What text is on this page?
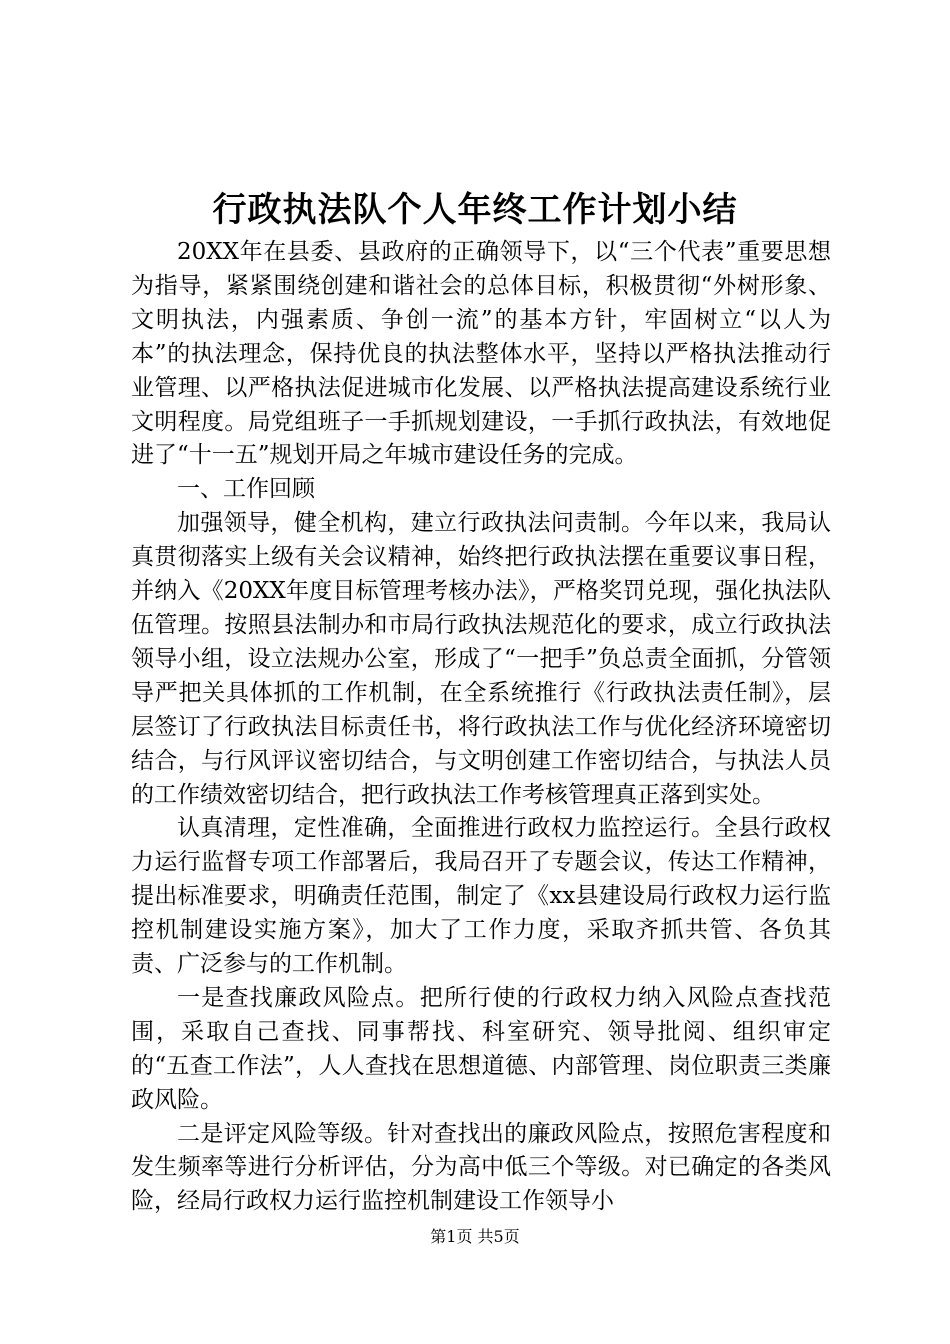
行政执法队个人年终工作计划小结

20XX年在县委、县政府的正确领导下，以“三个代表”重要思想为指导，紧紧围绕创建和谐社会的总体目标，积极贯彻“外树形象、文明执法，内强素质、争创一流”的基本方针，牢固树立“以人为本”的执法理念，保持优良的执法整体水平，坚持以严格执法推动行业管理、以严格执法促进城市化发展、以严格执法提高建设系统行业文明程度。局党组班子一手抓规划建设，一手抓行政执法，有效地促进了“十一五”规划开局之年城市建设任务的完成。

一、工作回顾

加强领导，健全机构，建立行政执法问责制。今年以来，我局认真贯彻落实上级有关会议精神，始终把行政执法摆在重要议事日程，并纳入《20XX年度目标管理考核办法》，严格奖罚兑现，强化执法队伍管理。按照县法制办和市局行政执法规范化的要求，成立行政执法领导小组，设立法规办公室，形成了“一把手”负总责全面抓，分管领导严把关具体抓的工作机制，在全系统推行《行政执法责任制》，层层签订了行政执法目标责任书，将行政执法工作与优化经济环境密切结合，与行风评议密切结合，与文明创建工作密切结合，与执法人员的工作绩效密切结合，把行政执法工作考核管理真正落到实处。

认真清理，定性准确，全面推进行政权力监控运行。全县行政权力运行监督专项工作部署后，我局召开了专题会议，传达工作精神，提出标准要求，明确责任范围，制定了《xx县建设局行政权力运行监控机制建设实施方案》，加大了工作力度，采取齐抓共管、各负其责、广泛参与的工作机制。

一是查找廉政风险点。把所行使的行政权力纳入风险点查找范围，采取自己查找、同事帮找、科室研究、领导批阅、组织审定的“五查工作法”，人人查找在思想道德、内部管理、岗位职责三类廉政风险。

二是评定风险等级。针对查找出的廉政风险点，按照危害程度和发生频率等进行分析评估，分为高中低三个等级。对已确定的各类风险，经局行政权力运行监控机制建设工作领导小

第1页 共5页
